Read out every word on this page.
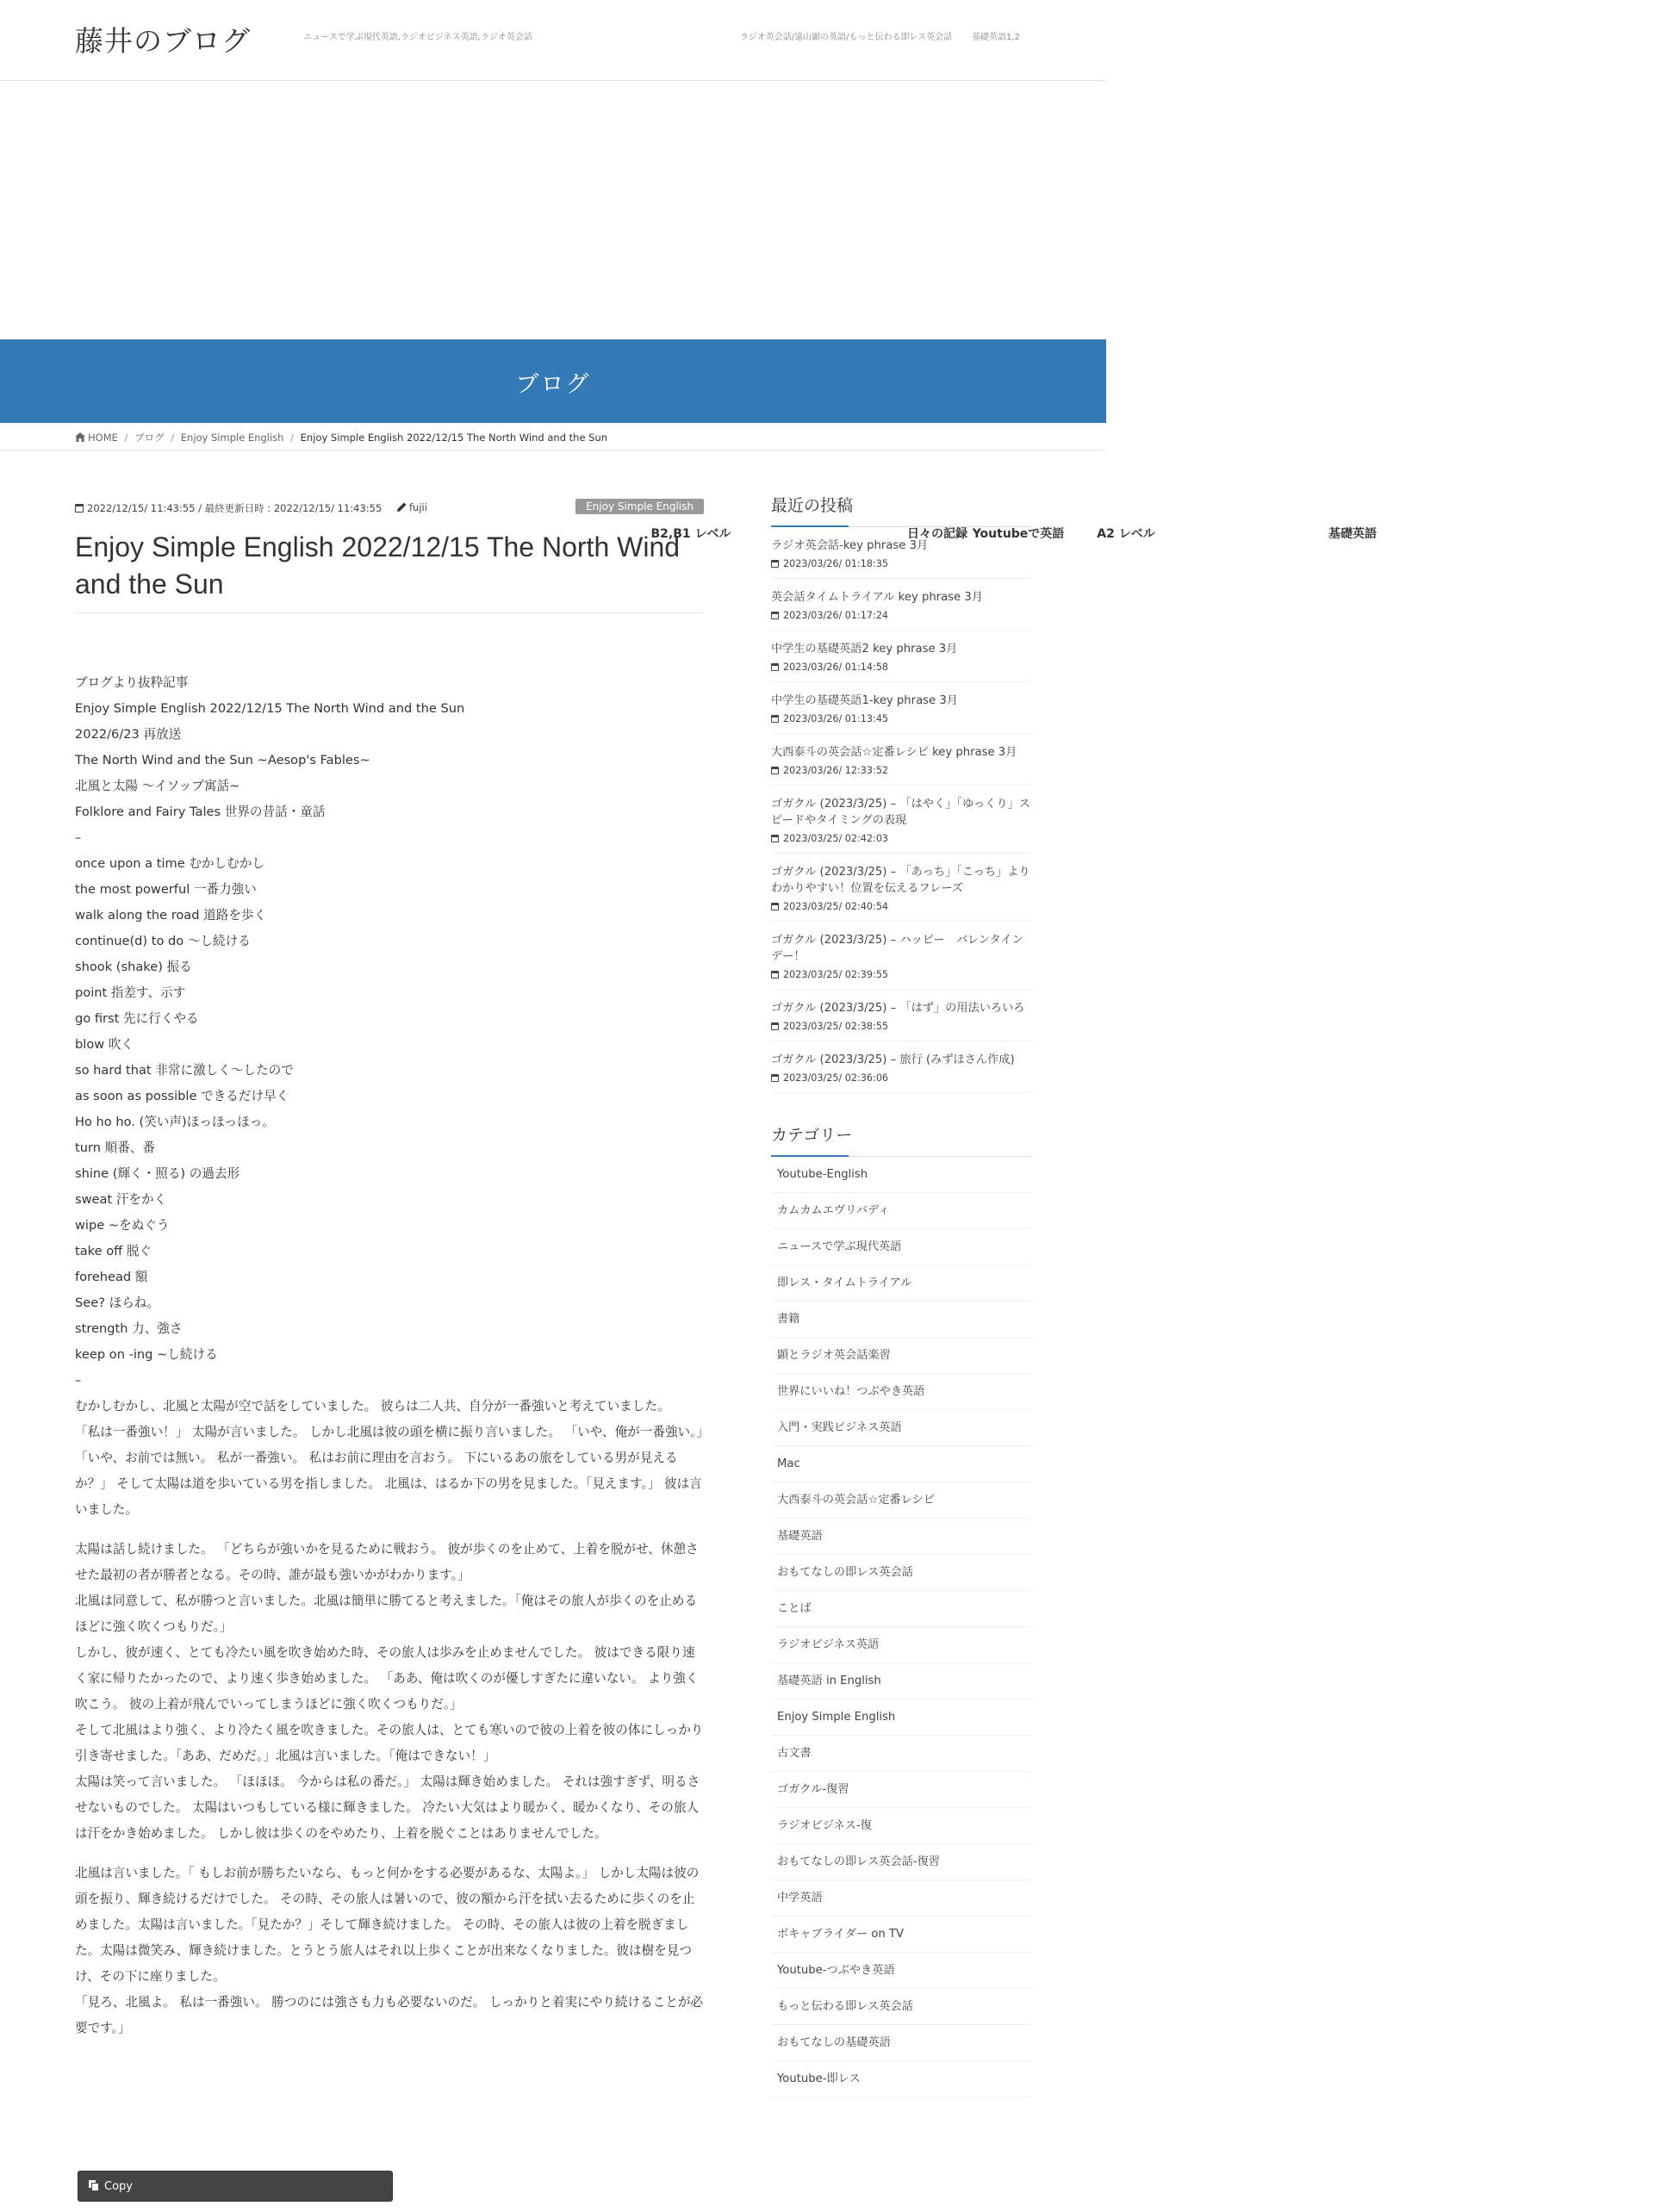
藤井のブログ
B2,B1 レベル
ニュースで学ぶ現代英語,ラジオビジネス英語,ラジオ英会話
日々の記録 Youtubeで英語	A2 レベル
ラジオ英会話/遠山顕の英語/もっと伝わる即レス英会話
基礎英語
基礎英語1,2
ブログ
HOME / ブログ / Enjoy Simple English / Enjoy Simple English 2022/12/15 The North Wind and the Sun
2022/12/15/ 11:43:55 / 最終更新日時 : 2022/12/15/ 11:43:55	fujii	Enjoy Simple English
Enjoy Simple English 2022/12/15 The North Wind and the Sun
ブログより抜粋記事
Enjoy Simple English 2022/12/15 The North Wind and the Sun
2022/6/23 再放送
The North Wind and the Sun ~Aesop's Fables~
北風と太陽 〜イソップ寓話~
Folklore and Fairy Tales 世界の昔話・童話
–
once upon a time むかしむかし
the most powerful 一番力強い
walk along the road 道路を歩く
continue(d) to do 〜し続ける
shook (shake) 振る
point 指差す、示す
go first 先に行くやる
blow 吹く
so hard that 非常に激しく〜したので
as soon as possible できるだけ早く
Ho ho ho. (笑い声)ほっほっほっ。
turn 順番、番
shine (輝く・照る) の過去形
sweat 汗をかく
wipe ~をぬぐう
take off 脱ぐ
forehead 額
See? ほらね。
strength 力、強さ
keep on -ing ~し続ける
–
むかしむかし、北風と太陽が空で話をしていました。 彼らは二人共、自分が一番強いと考えていました。
「私は一番強い！」 太陽が言いました。 しかし北風は彼の頭を横に振り言いました。 「いや、俺が一番強い。」
「いや、お前では無い。 私が一番強い。 私はお前に理由を言おう。 下にいるあの旅をしている男が見えるか？」 そして太陽は道を歩いている男を指しました。 北風は、はるか下の男を見ました。「見えます。」 彼は言いました。
太陽は話し続けました。 「どちらが強いかを見るために戦おう。 彼が歩くのを止めて、上着を脱がせ、休憩させた最初の者が勝者となる。その時、誰が最も強いかがわかります。」
北風は同意して、私が勝つと言いました。北風は簡単に勝てると考えました。「俺はその旅人が歩くのを止めるほどに強く吹くつもりだ。」
しかし、彼が速く、とても冷たい風を吹き始めた時、その旅人は歩みを止めませんでした。 彼はできる限り速く家に帰りたかったので、より速く歩き始めました。 「ああ、俺は吹くのが優しすぎたに違いない。 より強く吹こう。 彼の上着が飛んでいってしまうほどに強く吹くつもりだ。」
そして北風はより強く、より冷たく風を吹きました。その旅人は、とても寒いので彼の上着を彼の体にしっかり引き寄せました。「ああ、だめだ。」北風は言いました。「俺はできない！」
太陽は笑って言いました。 「ほほほ。 今からは私の番だ。」 太陽は輝き始めました。 それは強すぎず、明るさせないものでした。 太陽はいつもしている様に輝きました。 冷たい大気はより暖かく、暖かくなり、その旅人は汗をかき始めました。 しかし彼は歩くのをやめたり、上着を脱ぐことはありませんでした。
北風は言いました。「 もしお前が勝ちたいなら、もっと何かをする必要があるな、太陽よ。」 しかし太陽は彼の頭を振り、輝き続けるだけでした。 その時、その旅人は暑いので、彼の額から汗を拭い去るために歩くのを止めました。太陽は言いました。「見たか？」そして輝き続けました。 その時、その旅人は彼の上着を脱ぎました。太陽は微笑み、輝き続けました。とうとう旅人はそれ以上歩くことが出来なくなりました。彼は樹を見つけ、その下に座りました。
「見ろ、北風よ。 私は一番強い。 勝つのには強さも力も必要ないのだ。 しっかりと着実にやり続けることが必要です。」
Copy
最近の投稿
ラジオ英会話-key phrase 3月
2023/03/26/ 01:18:35
英会話タイムトライアル key phrase 3月
2023/03/26/ 01:17:24
中学生の基礎英語2 key phrase 3月
2023/03/26/ 01:14:58
中学生の基礎英語1-key phrase 3月
2023/03/26/ 01:13:45
大西泰斗の英会話☆定番レシピ key phrase 3月
2023/03/26/ 12:33:52
ゴガクル (2023/3/25) – 「はやく」「ゆっくり」スピードやタイミングの表現
2023/03/25/ 02:42:03
ゴガクル (2023/3/25) – 「あっち」「こっち」よりわかりやすい！位置を伝えるフレーズ
2023/03/25/ 02:40:54
ゴガクル (2023/3/25) – ハッピー　バレンタインデー！
2023/03/25/ 02:39:55
ゴガクル (2023/3/25) – 「はず」の用法いろいろ
2023/03/25/ 02:38:55
ゴガクル (2023/3/25) – 旅行 (みずほさん作成)
2023/03/25/ 02:36:06
カテゴリー
Youtube-English
カムカムエヴリバディ
ニュースで学ぶ現代英語
即レス・タイムトライアル
書籍
顕とラジオ英会話楽習
世界にいいね！つぶやき英語
入門・実践ビジネス英語
Mac
大西泰斗の英会話☆定番レシピ
基礎英語
おもてなしの即レス英会話
ことば
ラジオビジネス英語
基礎英語 in English
Enjoy Simple English
古文書
ゴガクル-復習
ラジオビジネス-復
おもてなしの即レス英会話-復習
中学英語
ボキャブライダー on TV
Youtube-つぶやき英語
もっと伝わる即レス英会話
おもてなしの基礎英語
Youtube-即レス
